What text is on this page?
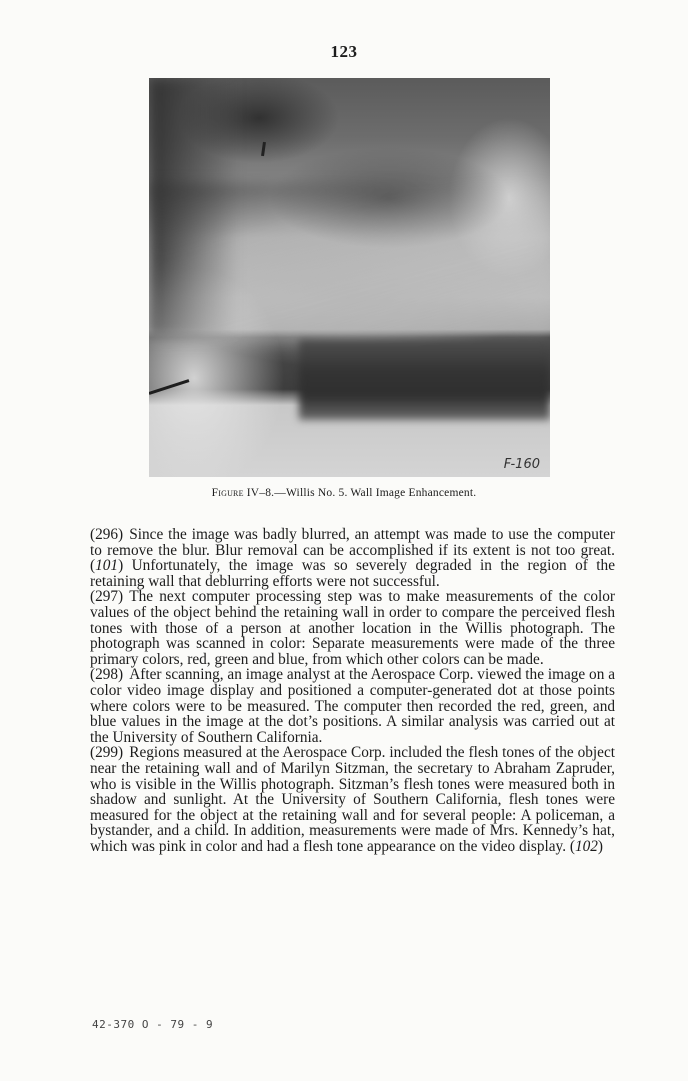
123
F-160
Figure IV–8.—Willis No. 5. Wall Image Enhancement.

(296) Since the image was badly blurred, an attempt was made to use the computer to remove the blur. Blur removal can be accomplished if its extent is not too great. (101) Unfortunately, the image was so severely degraded in the region of the retaining wall that deblurring efforts were not successful.

(297) The next computer processing step was to make measurements of the color values of the object behind the retaining wall in order to compare the perceived flesh tones with those of a person at another location in the Willis photograph. The photograph was scanned in color: Separate measurements were made of the three primary colors, red, green and blue, from which other colors can be made.

(298) After scanning, an image analyst at the Aerospace Corp. viewed the image on a color video image display and positioned a computer-generated dot at those points where colors were to be measured. The computer then recorded the red, green, and blue values in the image at the dot’s positions. A similar analysis was carried out at the University of Southern California.

(299) Regions measured at the Aerospace Corp. included the flesh tones of the object near the retaining wall and of Marilyn Sitzman, the secretary to Abraham Zapruder, who is visible in the Willis photograph. Sitzman’s flesh tones were measured both in shadow and sunlight. At the University of Southern California, flesh tones were measured for the object at the retaining wall and for several people: A policeman, a bystander, and a child. In addition, measurements were made of Mrs. Kennedy’s hat, which was pink in color and had a flesh tone appearance on the video display. (102)

42-370 O - 79 - 9
